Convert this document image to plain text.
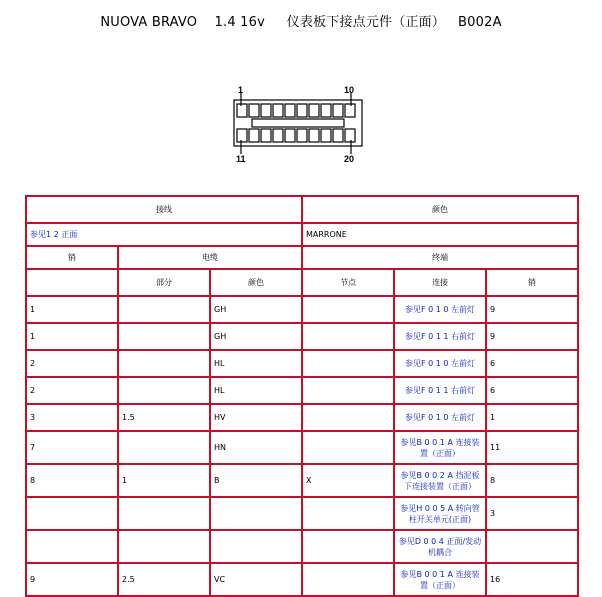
NUOVA BRAVO    1.4 16v     仪表板下接点元件（正面）   B002A
1	10
11	20
接线			颜色		
参见1 2 正面			MARRONE		
销	电缆		终端		
	部分	颜色	节点	连接	销
1		GH		参见F 0 1 0 左前灯	9
1		GH		参见F 0 1 1 右前灯	9
2		HL		参见F 0 1 0 左前灯	6
2		HL		参见F 0 1 1 右前灯	6
3	1.5	HV		参见F 0 1 0 左前灯	1
7		HN		参见B 0 0 1 A 连接装置（正面）	11
8	1	B	X	参见B 0 0 2 A 挡泥板下连接装置（正面）	8
				参见H 0 0 5 A 转向管柱开关单元(正面)	3
				参见D 0 0 4 正面/发动机耦合	
9	2.5	VC		参见B 0 0 1 A 连接装置（正面）	16
